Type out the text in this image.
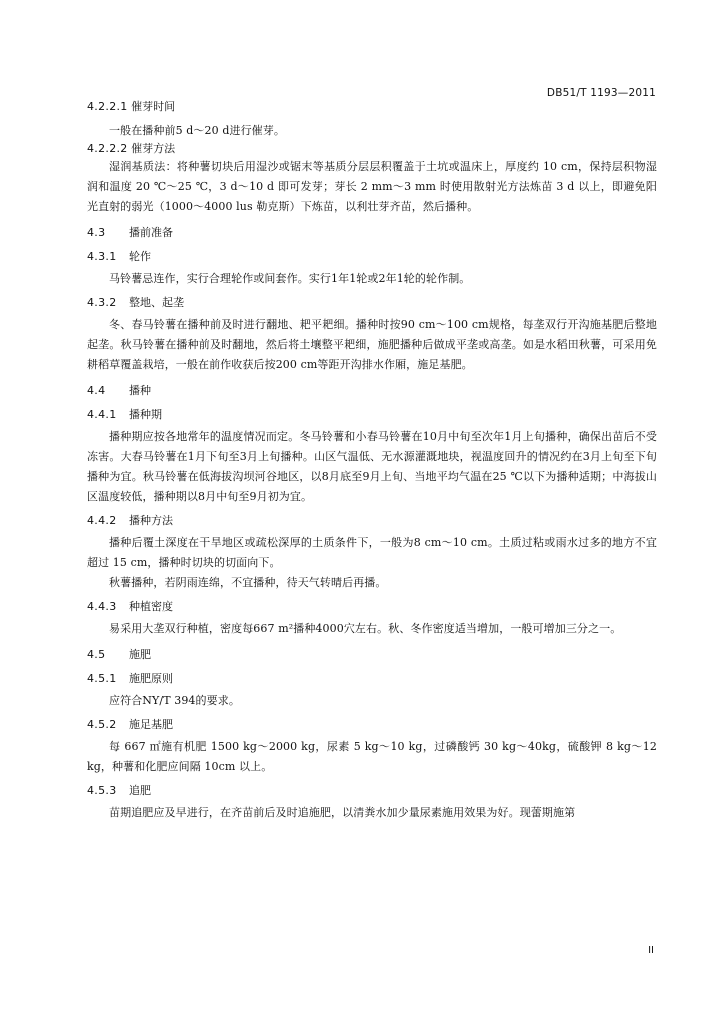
DB51/T 1193—2011

4.2.2.1 催芽时间

一般在播种前5 d～20 d进行催芽。

4.2.2.2 催芽方法

湿润基质法：将种薯切块后用湿沙或锯末等基质分层层积覆盖于土坑或温床上，厚度约 10 cm，保持层积物湿润和温度 20 ℃～25 ℃，3 d～10 d 即可发芽；芽长 2 mm～3 mm 时使用散射光方法炼苗 3 d 以上，即避免阳光直射的弱光（1000～4000 lus 勒克斯）下炼苗，以利壮芽齐苗，然后播种。

4.3 播前准备

4.3.1 轮作

马铃薯忌连作，实行合理轮作或间套作。实行1年1轮或2年1轮的轮作制。

4.3.2 整地、起垄

冬、春马铃薯在播种前及时进行翻地、耙平耙细。播种时按90 cm～100 cm规格，每垄双行开沟施基肥后整地起垄。秋马铃薯在播种前及时翻地，然后将土壤整平耙细，施肥播种后做成平垄或高垄。如是水稻田秋薯，可采用免耕稻草覆盖栽培，一般在前作收获后按200 cm等距开沟排水作厢，施足基肥。

4.4 播种

4.4.1 播种期

播种期应按各地常年的温度情况而定。冬马铃薯和小春马铃薯在10月中旬至次年1月上旬播种，确保出苗后不受冻害。大春马铃薯在1月下旬至3月上旬播种。山区气温低、无水源灌溉地块，视温度回升的情况约在3月上旬至下旬播种为宜。秋马铃薯在低海拔沟坝河谷地区，以8月底至9月上旬、当地平均气温在25 ℃以下为播种适期；中海拔山区温度较低，播种期以8月中旬至9月初为宜。

4.4.2 播种方法

播种后覆土深度在干旱地区或疏松深厚的土质条件下，一般为8 cm～10 cm。土质过粘或雨水过多的地方不宜超过 15 cm，播种时切块的切面向下。

秋薯播种，若阴雨连绵，不宜播种，待天气转晴后再播。

4.4.3 种植密度

易采用大垄双行种植，密度每667 m²播种4000穴左右。秋、冬作密度适当增加，一般可增加三分之一。

4.5 施肥

4.5.1 施肥原则

应符合NY/T 394的要求。

4.5.2 施足基肥

每 667 ㎡施有机肥 1500 kg～2000 kg，尿素 5 kg～10 kg，过磷酸钙 30 kg～40kg，硫酸钾 8 kg～12 kg，种薯和化肥应间隔 10cm 以上。

4.5.3 追肥

苗期追肥应及早进行，在齐苗前后及时追施肥，以清粪水加少量尿素施用效果为好。现蕾期施第

II
